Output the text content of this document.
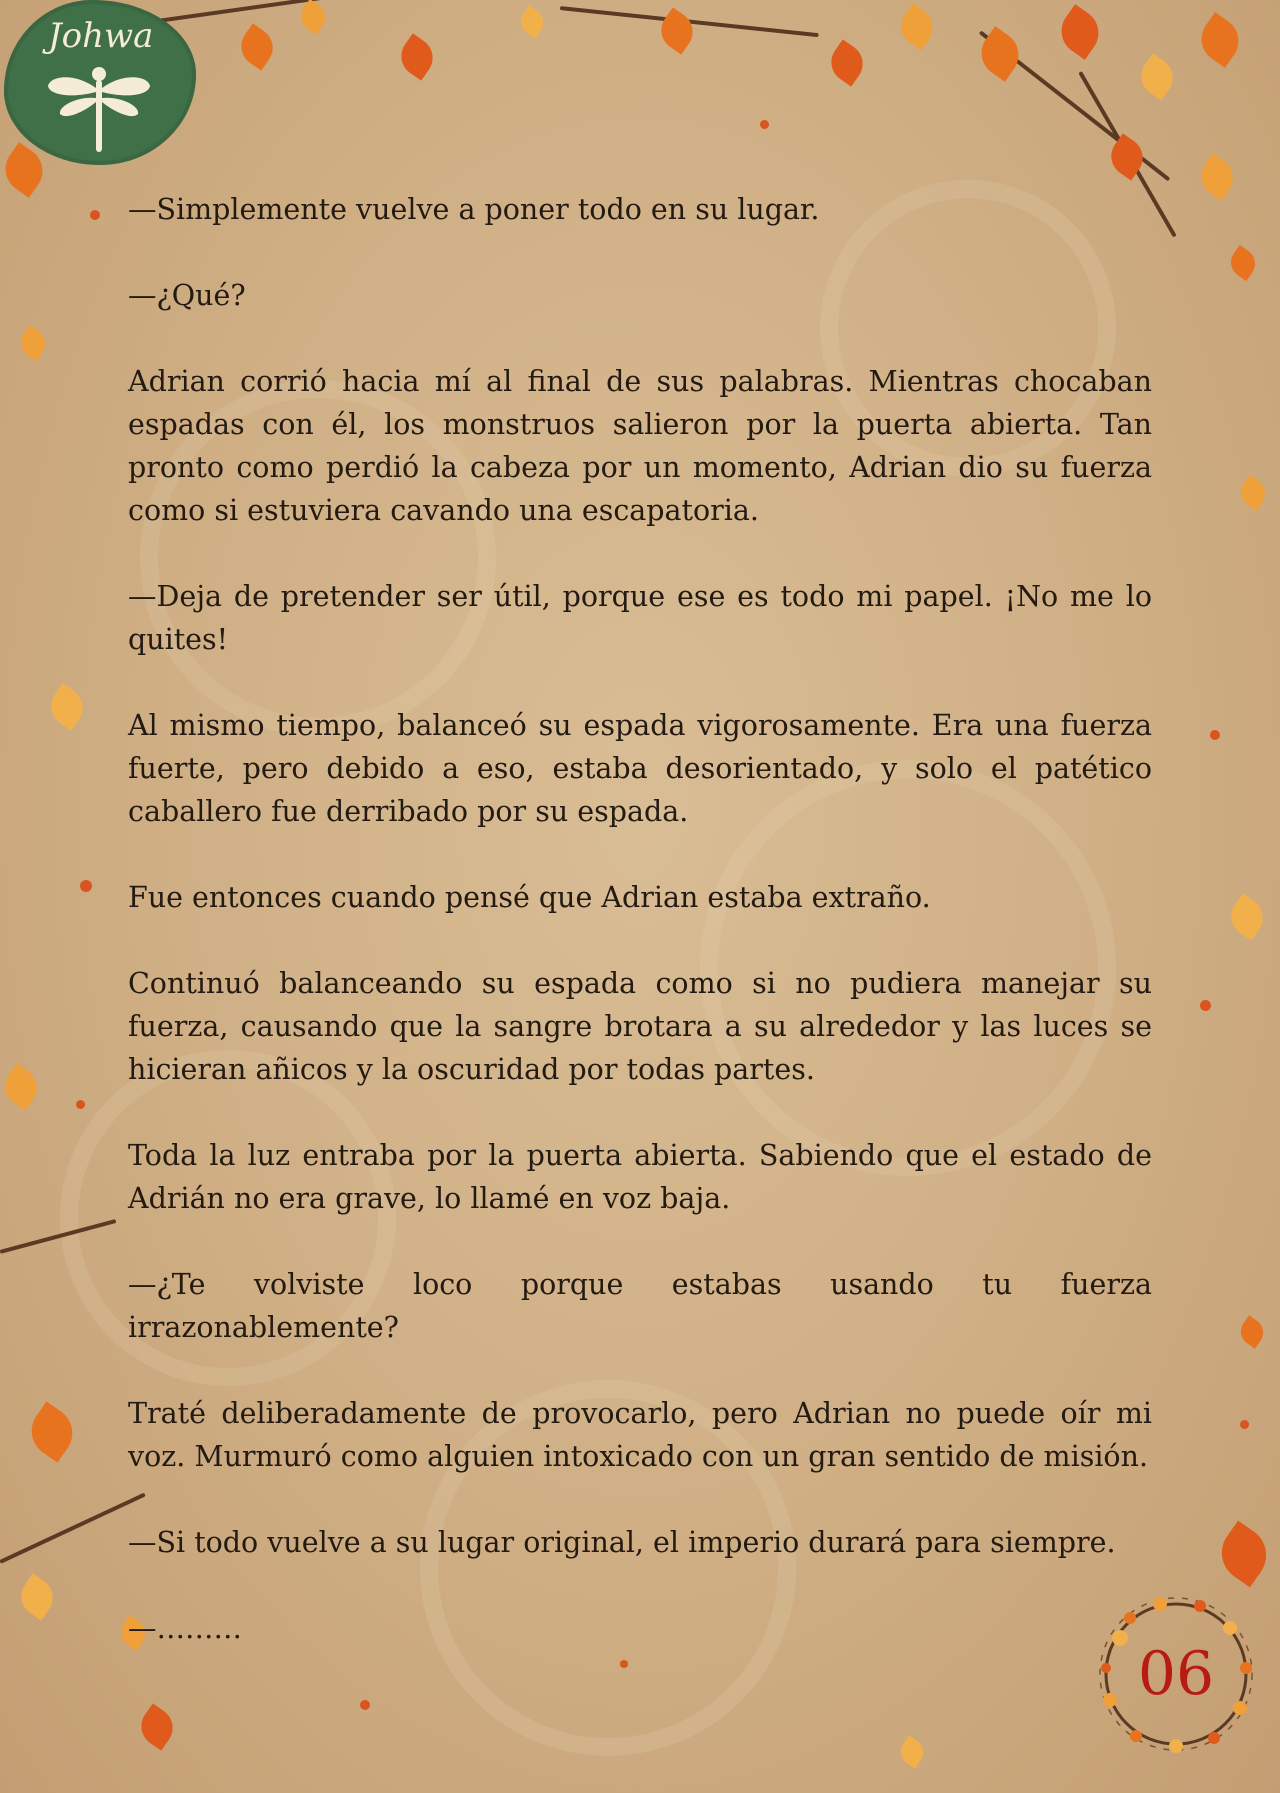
Johwa

—Simplemente vuelve a poner todo en su lugar.

—¿Qué?

Adrian corrió hacia mí al final de sus palabras. Mientras chocaban espadas con él, los monstruos salieron por la puerta abierta. Tan pronto como perdió la cabeza por un momento, Adrian dio su fuerza como si estuviera cavando una escapatoria.

—Deja de pretender ser útil, porque ese es todo mi papel. ¡No me lo quites!

Al mismo tiempo, balanceó su espada vigorosamente. Era una fuerza fuerte, pero debido a eso, estaba desorientado, y solo el patético caballero fue derribado por su espada.

Fue entonces cuando pensé que Adrian estaba extraño.

Continuó balanceando su espada como si no pudiera manejar su fuerza, causando que la sangre brotara a su alrededor y las luces se hicieran añicos y la oscuridad por todas partes.

Toda la luz entraba por la puerta abierta. Sabiendo que el estado de Adrián no era grave, lo llamé en voz baja.

—¿Te volviste loco porque estabas usando tu fuerza irrazonablemente?

Traté deliberadamente de provocarlo, pero Adrian no puede oír mi voz. Murmuró como alguien intoxicado con un gran sentido de misión.

—Si todo vuelve a su lugar original, el imperio durará para siempre.

—………

06
